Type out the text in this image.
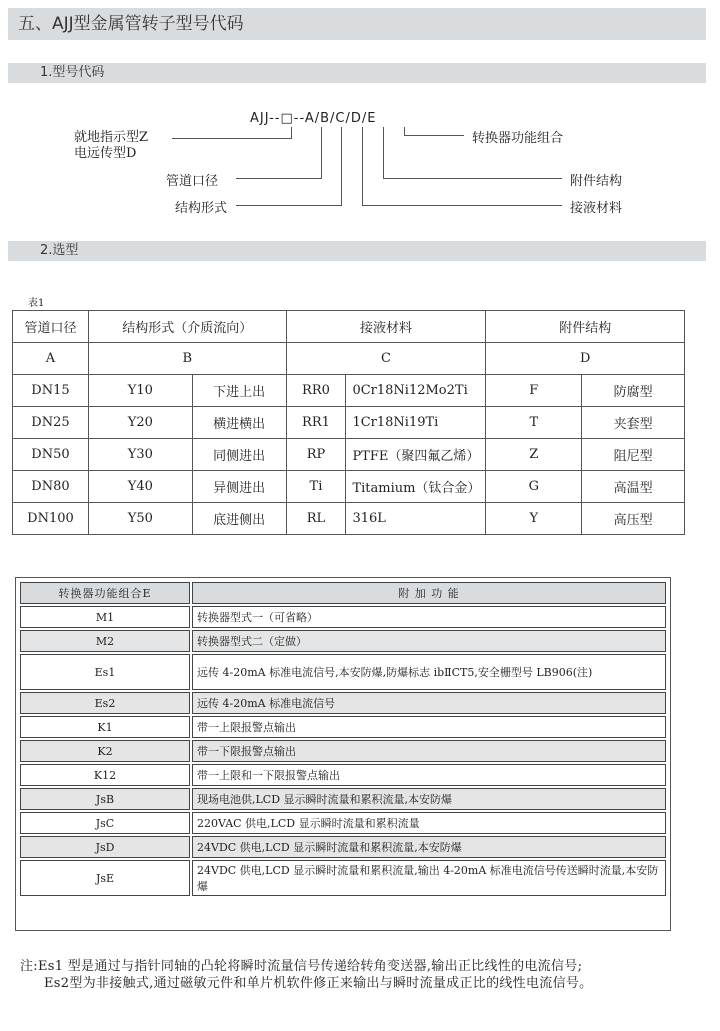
五、AJJ型金属管转子型号代码
1.型号代码
AJJ--□--A/B/C/D/E
就地指示型Z
电远传型D
管道口径
结构形式
转换器功能组合
附件结构
接液材料
2.选型
表1
管道口径	结构形式（介质流向）		接液材料		附件结构	
A	B		C		D	
DN15	Y10	下进上出	RR0	0Cr18Ni12Mo2Ti	F	防腐型
DN25	Y20	横进横出	RR1	1Cr18Ni19Ti	T	夹套型
DN50	Y30	同侧进出	RP	PTFE（聚四氟乙烯）	Z	阻尼型
DN80	Y40	异侧进出	Ti	Titamium（钛合金）	G	高温型
DN100	Y50	底进侧出	RL	316L	Y	高压型
转换器功能组合E	附 加 功 能
M1	转换器型式一（可省略）
M2	转换器型式二（定做）
Es1	远传 4-20mA 标准电流信号,本安防爆,防爆标志 ibⅡCT5,安全栅型号 LB906(注)
Es2	远传 4-20mA 标准电流信号
K1	带一上限报警点输出
K2	带一下限报警点输出
K12	带一上限和一下限报警点输出
JsB	现场电池供,LCD 显示瞬时流量和累积流量,本安防爆
JsC	220VAC 供电,LCD 显示瞬时流量和累积流量
JsD	24VDC 供电,LCD 显示瞬时流量和累积流量,本安防爆
JsE	24VDC 供电,LCD 显示瞬时流量和累积流量,输出 4-20mA 标准电流信号传送瞬时流量,本安防爆
注:Es1 型是通过与指针同轴的凸轮将瞬时流量信号传递给转角变送器,输出正比线性的电流信号;
Es2型为非接触式,通过磁敏元件和单片机软件修正来输出与瞬时流量成正比的线性电流信号。
